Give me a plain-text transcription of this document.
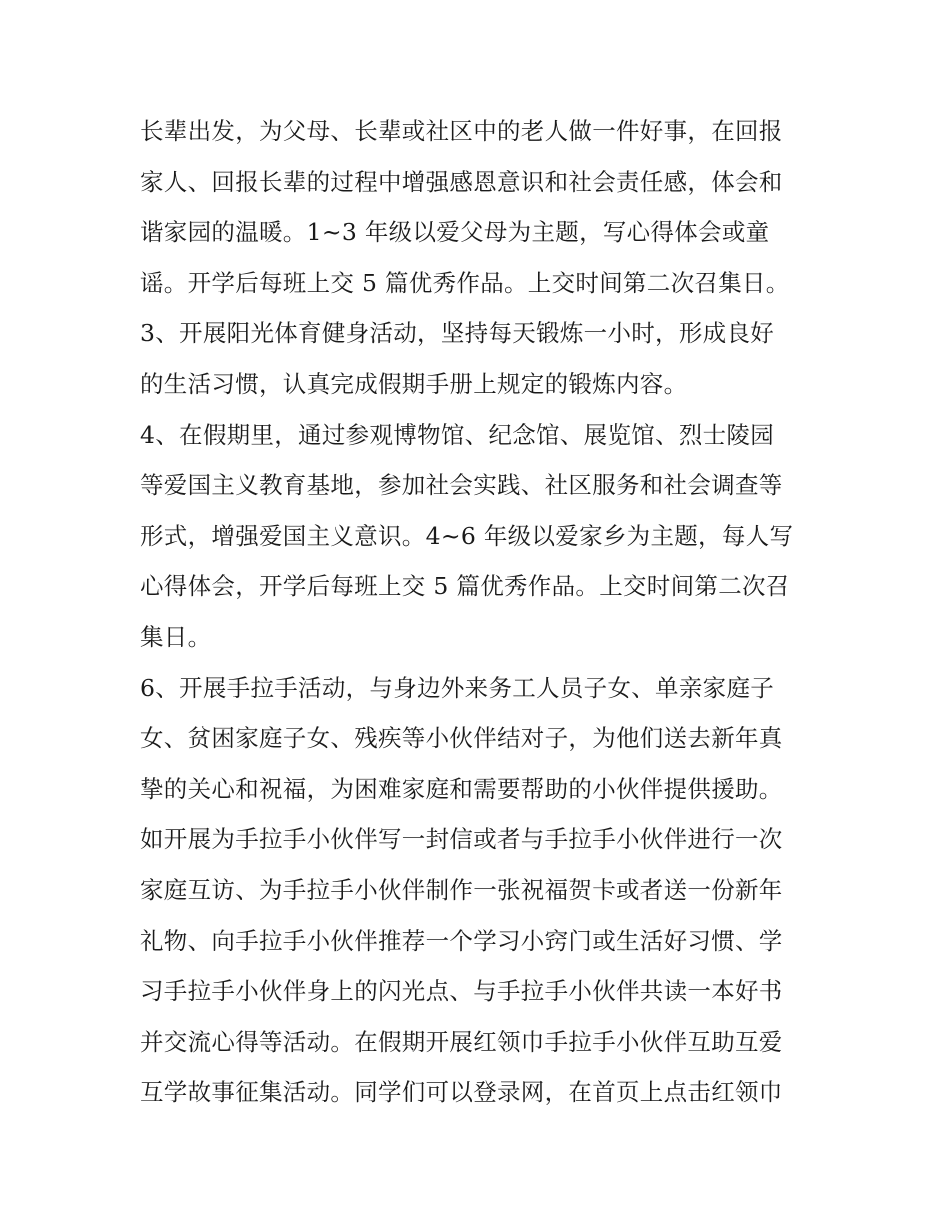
长辈出发，为父母、长辈或社区中的老人做一件好事，在回报
家人、回报长辈的过程中增强感恩意识和社会责任感，体会和
谐家园的温暖。1~3 年级以爱父母为主题，写心得体会或童
谣。开学后每班上交 5 篇优秀作品。上交时间第二次召集日。
3、开展阳光体育健身活动，坚持每天锻炼一小时，形成良好
的生活习惯，认真完成假期手册上规定的锻炼内容。
4、在假期里，通过参观博物馆、纪念馆、展览馆、烈士陵园
等爱国主义教育基地，参加社会实践、社区服务和社会调查等
形式，增强爱国主义意识。4~6 年级以爱家乡为主题，每人写
心得体会，开学后每班上交 5 篇优秀作品。上交时间第二次召
集日。
6、开展手拉手活动，与身边外来务工人员子女、单亲家庭子
女、贫困家庭子女、残疾等小伙伴结对子，为他们送去新年真
挚的关心和祝福，为困难家庭和需要帮助的小伙伴提供援助。
如开展为手拉手小伙伴写一封信或者与手拉手小伙伴进行一次
家庭互访、为手拉手小伙伴制作一张祝福贺卡或者送一份新年
礼物、向手拉手小伙伴推荐一个学习小窍门或生活好习惯、学
习手拉手小伙伴身上的闪光点、与手拉手小伙伴共读一本好书
并交流心得等活动。在假期开展红领巾手拉手小伙伴互助互爱
互学故事征集活动。同学们可以登录网，在首页上点击红领巾
